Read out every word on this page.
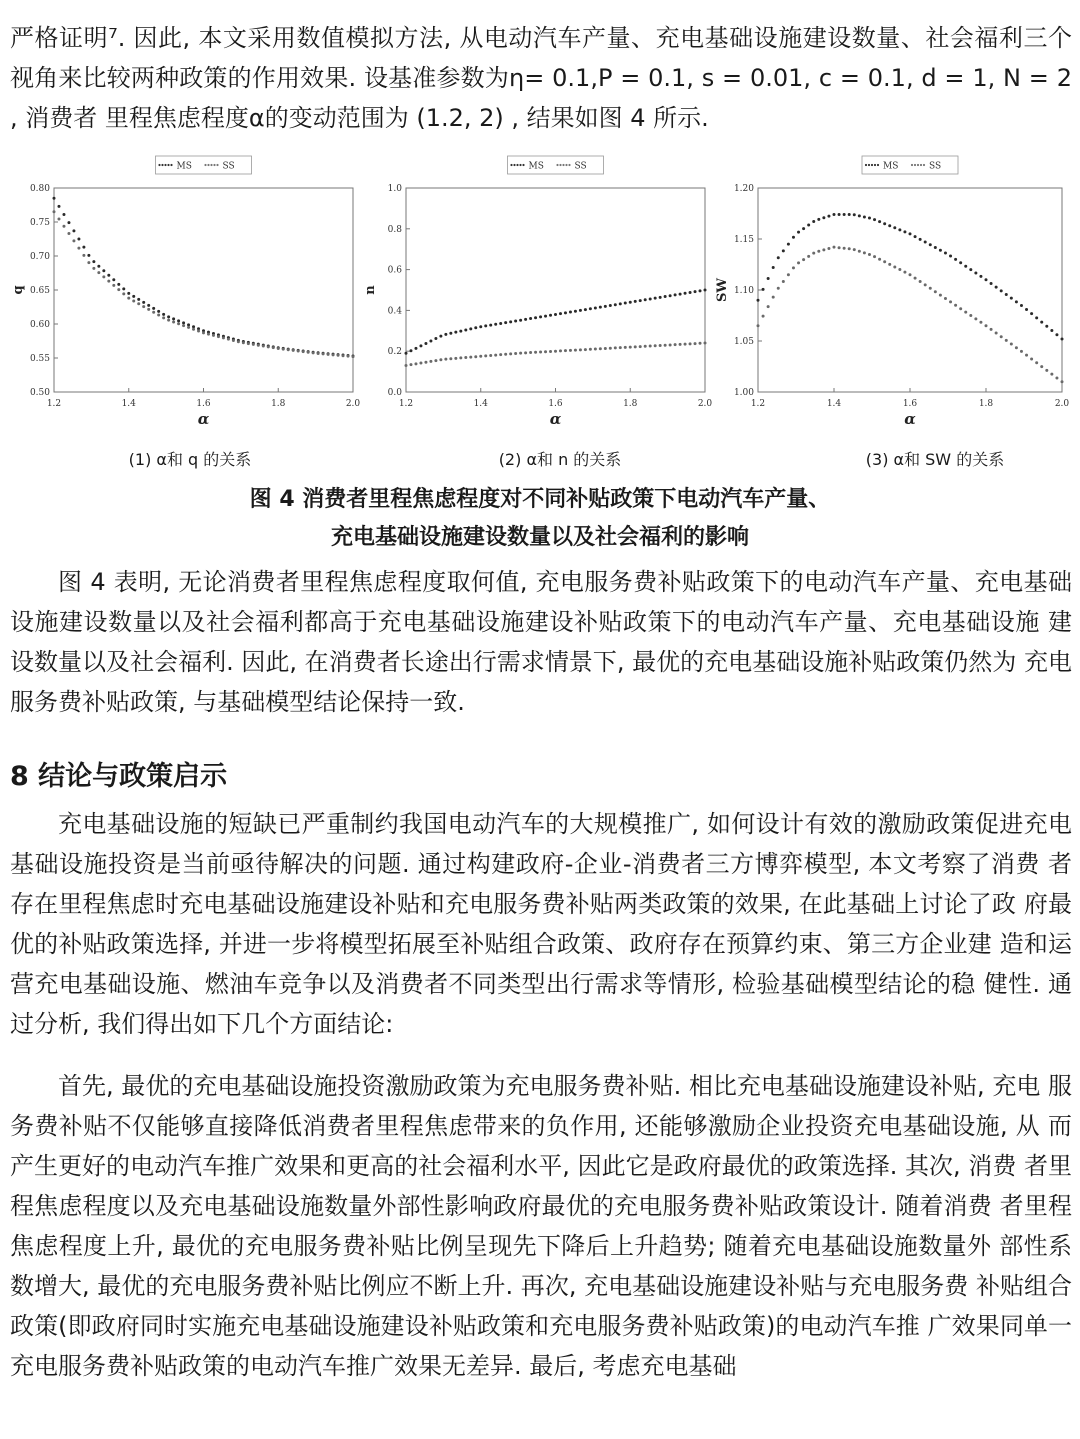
严格证明⁷. 因此, 本文采用数值模拟方法, 从电动汽车产量、充电基础设施建设数量、社会福利三个 视角来比较两种政策的作用效果. 设基准参数为η= 0.1,P = 0.1, s = 0.01, c = 0.1, d = 1, N = 2 , 消费者 里程焦虑程度α的变动范围为 (1.2, 2) , 结果如图 4 所示.

MS	SS
1.2	1.4	1.6	1.8	2.0
0.50
0.55
0.60
0.65
0.70
0.75
0.80
α
q
MS	SS
1.2	1.4	1.6	1.8	2.0
0.0
0.2
0.4
0.6
0.8
1.0
α
n
MS	SS
1.2	1.4	1.6	1.8	2.0
1.00
1.05
1.10
1.15
1.20
α
SW
(1) α和 q 的关系	(2) α和 n 的关系	(3) α和 SW 的关系
图 4 消费者里程焦虑程度对不同补贴政策下电动汽车产量、
充电基础设施建设数量以及社会福利的影响

图 4 表明, 无论消费者里程焦虑程度取何值, 充电服务费补贴政策下的电动汽车产量、充电基础 设施建设数量以及社会福利都高于充电基础设施建设补贴政策下的电动汽车产量、充电基础设施 建设数量以及社会福利. 因此, 在消费者长途出行需求情景下, 最优的充电基础设施补贴政策仍然为 充电服务费补贴政策, 与基础模型结论保持一致.

8 结论与政策启示

充电基础设施的短缺已严重制约我国电动汽车的大规模推广, 如何设计有效的激励政策促进充电基础设施投资是当前亟待解决的问题. 通过构建政府-企业-消费者三方博弈模型, 本文考察了消费 者存在里程焦虑时充电基础设施建设补贴和充电服务费补贴两类政策的效果, 在此基础上讨论了政 府最优的补贴政策选择, 并进一步将模型拓展至补贴组合政策、政府存在预算约束、第三方企业建 造和运营充电基础设施、燃油车竞争以及消费者不同类型出行需求等情形, 检验基础模型结论的稳 健性. 通过分析, 我们得出如下几个方面结论:

首先, 最优的充电基础设施投资激励政策为充电服务费补贴. 相比充电基础设施建设补贴, 充电 服务费补贴不仅能够直接降低消费者里程焦虑带来的负作用, 还能够激励企业投资充电基础设施, 从 而产生更好的电动汽车推广效果和更高的社会福利水平, 因此它是政府最优的政策选择. 其次, 消费 者里程焦虑程度以及充电基础设施数量外部性影响政府最优的充电服务费补贴政策设计. 随着消费 者里程焦虑程度上升, 最优的充电服务费补贴比例呈现先下降后上升趋势; 随着充电基础设施数量外 部性系数增大, 最优的充电服务费补贴比例应不断上升. 再次, 充电基础设施建设补贴与充电服务费 补贴组合政策(即政府同时实施充电基础设施建设补贴政策和充电服务费补贴政策)的电动汽车推 广效果同单一充电服务费补贴政策的电动汽车推广效果无差异. 最后, 考虑充电基础
